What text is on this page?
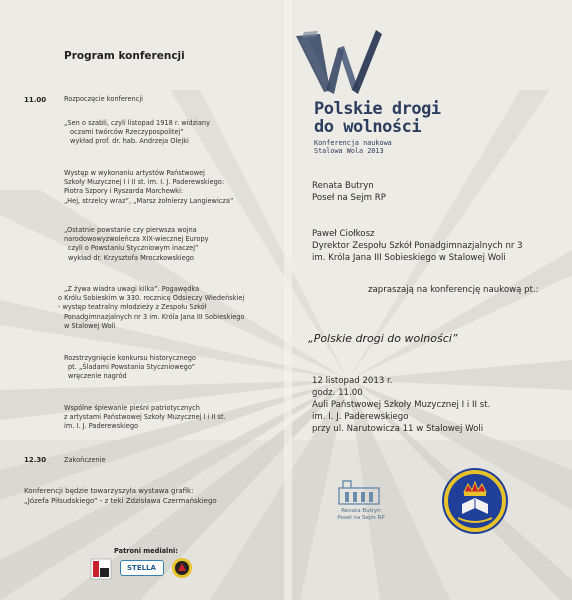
Program konferencji
11.00	Rozpoczęcie konferencji
„Sen o szabli, czyli listopad 1918 r. widziany
oczami twórców Rzeczypospolitej”
wykład prof. dr. hab. Andrzeja Olejki
Występ w wykonaniu artystów Państwowej
Szkoły Muzycznej I i II st. im. I. J. Paderewskiego:
Piotra Szpory i Ryszarda Marchewki:
„Hej, strzelcy wraz”, „Marsz żołnierzy Langiewicza”
„Ostatnie powstanie czy pierwsza wojna
narodowowyzwoleńcza XIX-wiecznej Europy
czyli o Powstaniu Styczniowym inaczej”
wykład dr. Krzysztofa Mroczkowskiego
„Z żywa wiadra uwagi kilka”. Pogawędka
o Królu Sobieskim w 330. rocznicę Odsieczy Wiedeńskiej
- występ teatralny młodzieży z Zespołu Szkół
Ponadgimnazjalnych nr 3 im. Króla Jana III Sobieskiego
w Stalowej Woli
Rozstrzygnięcie konkursu historycznego
pt. „Śladami Powstania Styczniowego”
wręczenie nagród
Wspólne śpiewanie pieśni patriotycznych
z artystami Państwowej Szkoły Muzycznej I i II st.
im. I. J. Paderewskiego
12.30	Zakończenie
Konferencji będzie towarzyszyła wystawa grafik:
„Józefa Piłsudskiego” - z teki Zdzisława Czermańskiego
Patroni medialni:
STELLA
Polskie drogi
do wolności
Konferencja naukowa
Stalowa Wola 2013
Renata Butryn
Poseł na Sejm RP
Paweł Ciołkosz
Dyrektor Zespołu Szkół Ponadgimnazjalnych nr 3
im. Króla Jana III Sobieskiego w Stalowej Woli
zapraszają na konferencję naukową pt.:
„Polskie drogi do wolności”
12 listopad 2013 r.
godz. 11.00
Auli Państwowej Szkoły Muzycznej I i II st.
im. I. J. Paderewskiego
przy ul. Narutowicza 11 w Stalowej Woli
Renata Butryn
Poseł na Sejm RP
